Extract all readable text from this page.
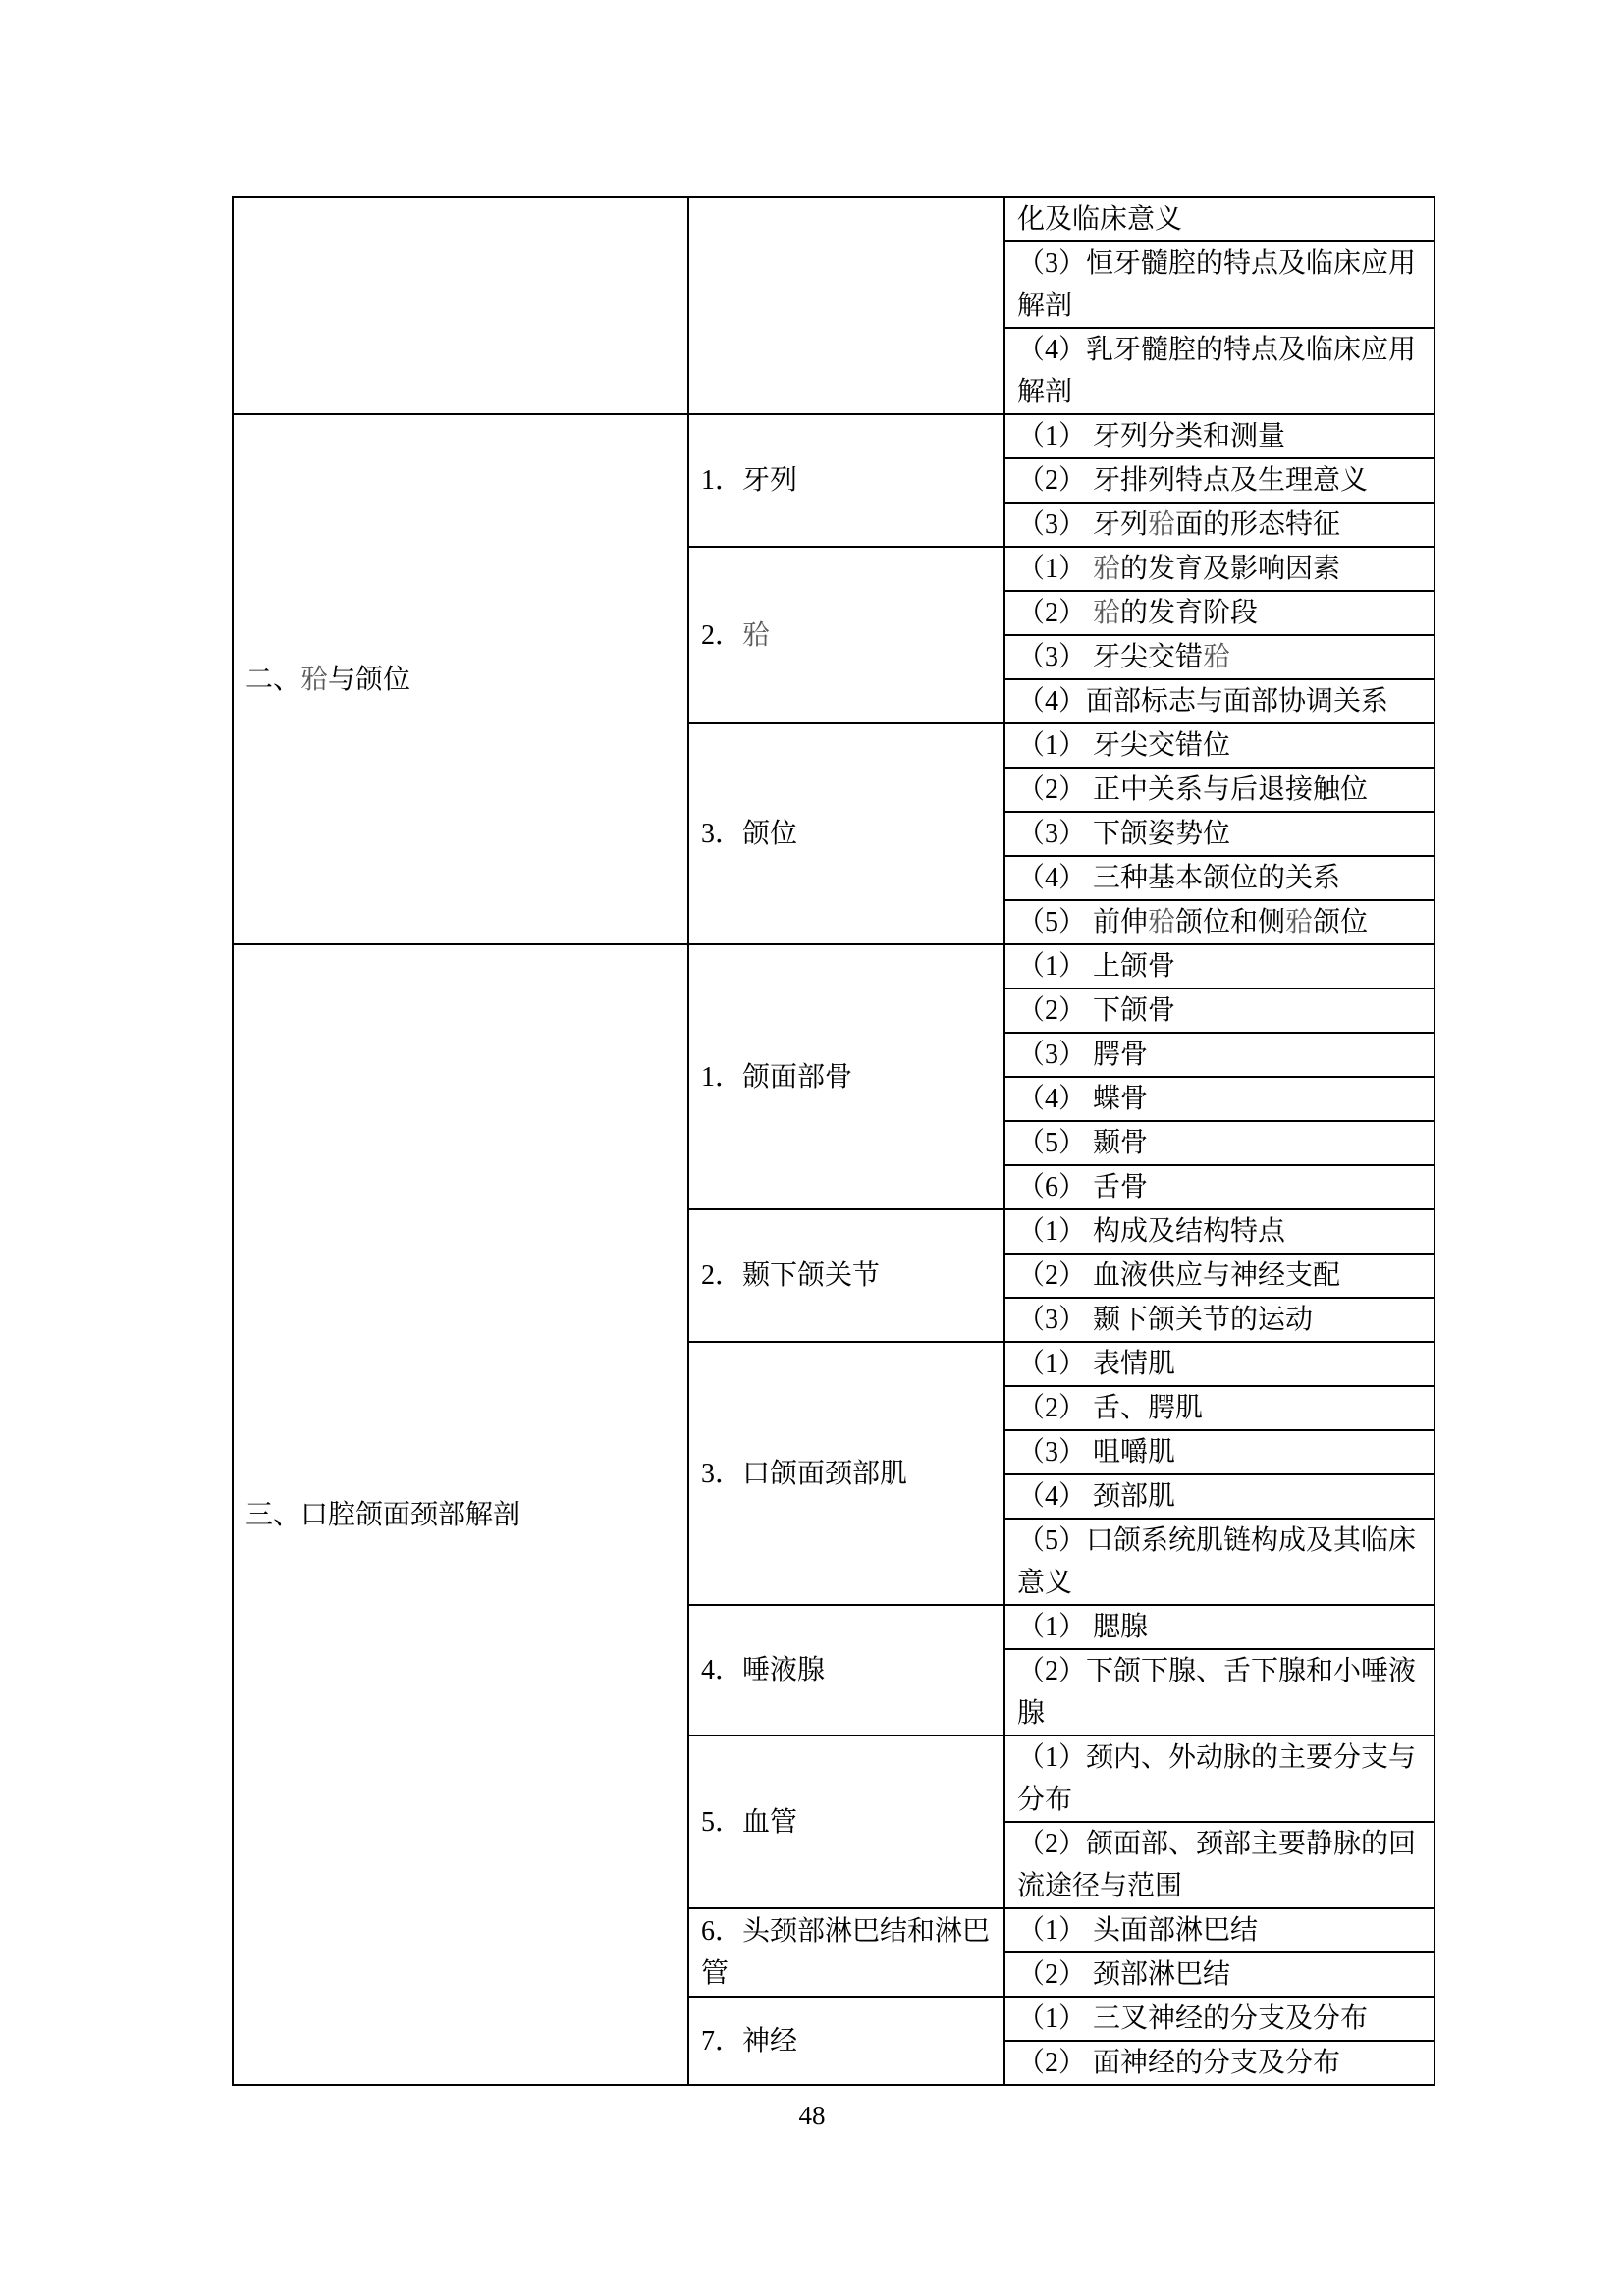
		化及临床意义
		（3）恒牙髓腔的特点及临床应用解剖
		（4）乳牙髓腔的特点及临床应用解剖
二、𬌗与颌位	1．牙列	（1） 牙列分类和测量
		（2） 牙排列特点及生理意义
		（3） 牙列𬌗面的形态特征
	2．𬌗	（1） 𬌗的发育及影响因素
		（2） 𬌗的发育阶段
		（3） 牙尖交错𬌗
		（4）面部标志与面部协调关系
	3．颌位	（1） 牙尖交错位
		（2） 正中关系与后退接触位
		（3） 下颌姿势位
		（4） 三种基本颌位的关系
		（5） 前伸𬌗颌位和侧𬌗颌位
三、口腔颌面颈部解剖	1．颌面部骨	（1） 上颌骨
		（2） 下颌骨
		（3） 腭骨
		（4） 蝶骨
		（5） 颞骨
		（6） 舌骨
	2．颞下颌关节	（1） 构成及结构特点
		（2） 血液供应与神经支配
		（3） 颞下颌关节的运动
	3．口颌面颈部肌	（1） 表情肌
		（2） 舌、腭肌
		（3） 咀嚼肌
		（4） 颈部肌
		（5）口颌系统肌链构成及其临床意义
	4．唾液腺	（1） 腮腺
		（2）下颌下腺、舌下腺和小唾液腺
	5．血管	（1）颈内、外动脉的主要分支与分布
		（2）颌面部、颈部主要静脉的回流途径与范围
	6．头颈部淋巴结和淋巴管	（1） 头面部淋巴结
		（2） 颈部淋巴结
	7．神经	（1） 三叉神经的分支及分布
		（2） 面神经的分支及分布
48
